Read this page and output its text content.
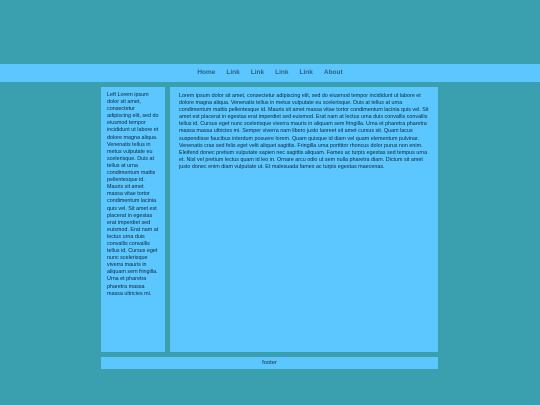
Home Link Link Link Link About
Left Lorem ipsum dolor sit amet, consectetur adipiscing elit, sed do eiusmod tempor incididunt ut labore et dolore magna aliqua. Venenatis tellus in metus vulputate eu scelerisque. Duis at tellus at urna condimentum mattis pellentesque id. Mauris sit amet massa vitae tortor condimentum lacinia quis vel. Sit amet est placerat in egestas erat imperdiet sed euismod. Erat nam at lectus urna duis convallis convallis tellus id. Cursus eget nunc scelerisque viverra mauris in aliquam sem fringilla. Urna et pharetra pharetra massa massa ultricies mi.
Lorem ipsum dolor sit amet, consectetur adipiscing elit, sed do eiusmod tempor incididunt ut labore et dolore magna aliqua. Venenatis tellus in metus vulputate eu scelerisque. Duis at tellus at urna condimentum mattis pellentesque id. Mauris sit amet massa vitae tortor condimentum lacinia quis vel. Sit amet est placerat in egestas erat imperdiet sed euismod. Erat nam at lectus urna duis convallis convallis tellus id. Cursus eget nunc scelerisque viverra mauris in aliquam sem fringilla. Urna et pharetra pharetra massa massa ultricies mi. Semper viverra nam libero justo laoreet sit amet cursus sit. Quam lacus suspendisse faucibus interdum posuere lorem. Quam quisque id diam vel quam elementum pulvinar. Venenatis cras sed felis eget velit aliquet sagittis. Fringilla urna porttitor rhoncus dolor purus non enim. Eleifend donec pretium vulputate sapien nec sagittis aliquam. Fames ac turpis egestas sed tempus urna et. Nisl vel pretium lectus quam id leo in. Ornare arcu odio ut sem nulla pharetra diam. Dictum sit amet justo donec enim diam vulputate ut. Et malesuada fames ac turpis egestas maecenas.
footer
